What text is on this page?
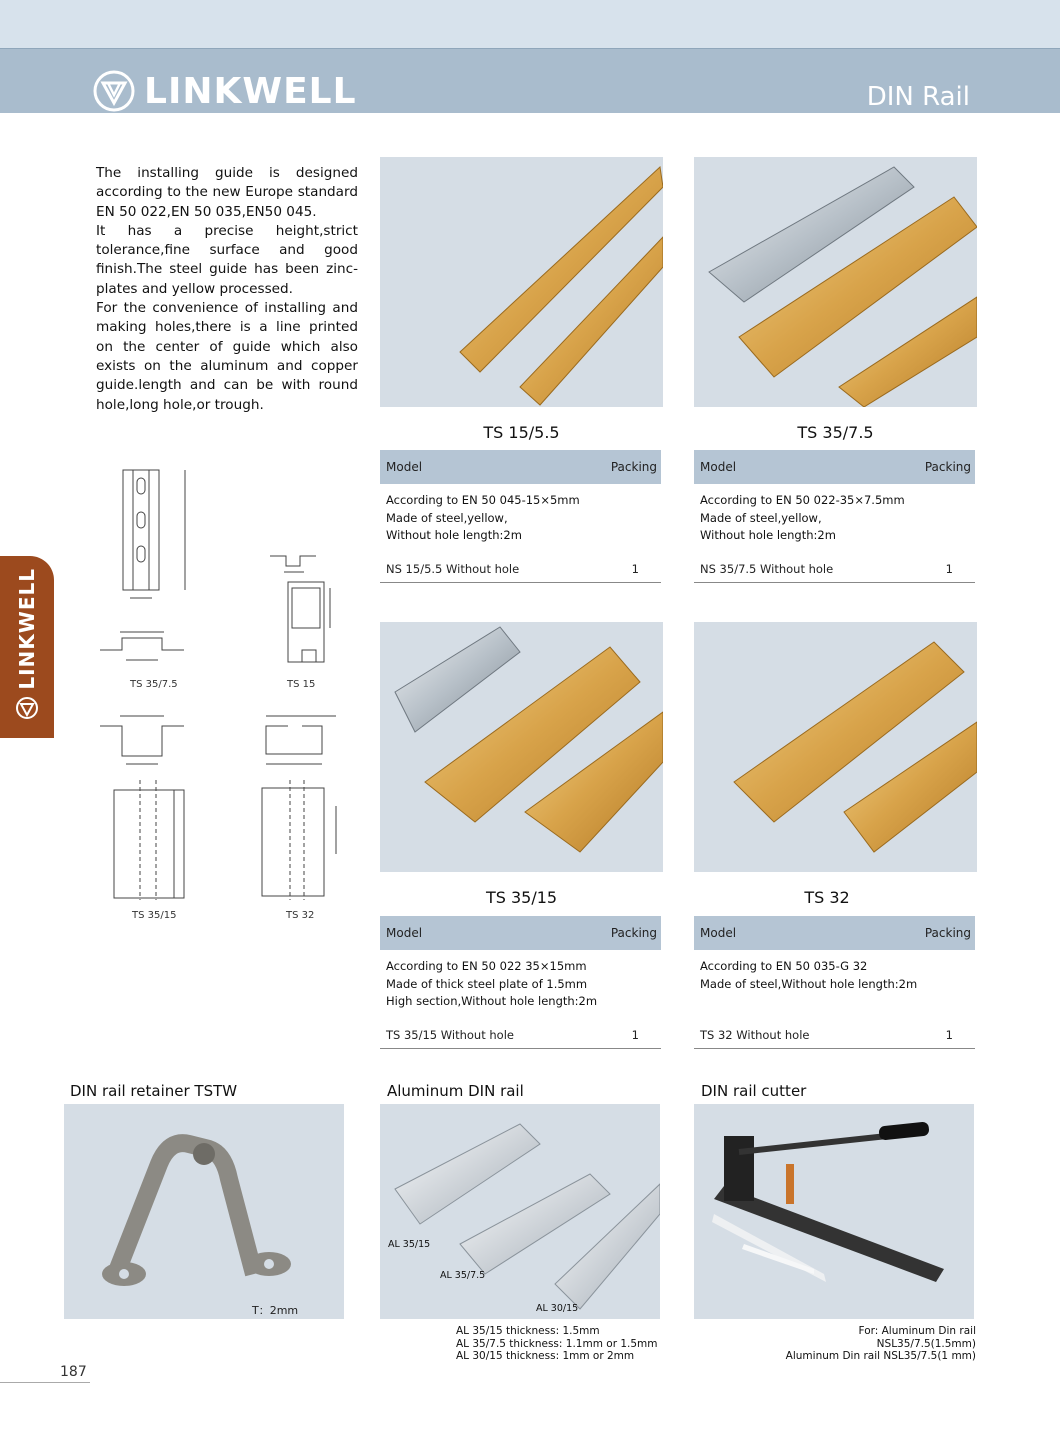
LINKWELL	DIN Rail

The installing guide is designed according to the new Europe standard EN 50 022,EN 50 035,EN50 045.

It has a precise height,strict tolerance,fine surface and good finish.The steel guide has been zinc-plates and yellow processed.

For the convenience of installing and making holes,there is a line printed on the center of guide which also exists on the aluminum and copper guide.length and can be with round hole,long hole,or trough.

LINKWELL	TS 35/7.5	TS 15
TS 35/15	TS 32
TS 15/5.5
Model	Packing
According to EN 50 045-15×5mm
Made of steel,yellow,
Without hole length:2m
NS 15/5.5 Without hole	1
TS 35/7.5
Model	Packing
According to EN 50 022-35×7.5mm
Made of steel,yellow,
Without hole length:2m
NS 35/7.5 Without hole	1
TS 35/15
Model	Packing
According to EN 50 022 35×15mm
Made of thick steel plate of 1.5mm
High section,Without hole length:2m
TS 35/15 Without hole	1
TS 32
Model	Packing
According to EN 50 035-G 32
Made of steel,Without hole length:2m
TS 32 Without hole	1
DIN rail retainer TSTW
T：2mm
Aluminum DIN rail
AL 35/15
AL 35/7.5
AL 30/15
AL 35/15 thickness: 1.5mm
AL 35/7.5 thickness: 1.1mm or 1.5mm
AL 30/15 thickness: 1mm or 2mm
DIN rail cutter
For: Aluminum Din rail NSL35/7.5(1.5mm)
Aluminum Din rail NSL35/7.5(1 mm)
187
